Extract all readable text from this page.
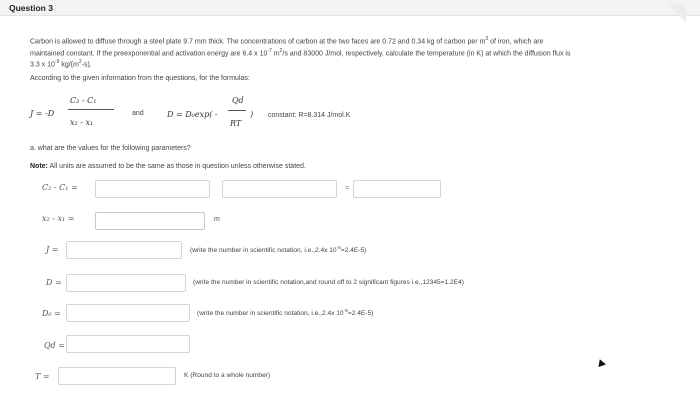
Question 3
Carbon is allowed to diffuse through a steel plate 9.7 mm thick. The concentrations of carbon at the two faces are 0.72 and 0.34 kg of carbon per $m^3$ of iron, which are
maintained constant. If the preexponential and activation energy are 6.4 x $10^{-7}$ $m^2/s$ and 83000 J/mol, respectively, calculate the temperature (in K) at which the diffusion flux is
3.3 x $10^{-9}$ $kg/(m^2-s)$.
According to the given information from the questions, for the formulas:
J = -D
C₂ - C₁
x₂ - x₁
and	D = D₀exp( -
Qd
RT
) constant: R=8.314 J/mol.K
a. what are the values for the following parameters?
Note: All units are assumed to be the same as those in question unless otherwise stated.
C₂ - C₁ =	=
x₂ - x₁ =	m
J =	(write the number in scientific notation, i.e.,2.4x $10^{-5}=2.4E-5$)
D =	(write the number in scientific notation,and round off to 2 significant figures i.e.,12345=1.2E4)
D₀ =	(write the number in scientific notation, i.e.,2.4x $10^{-5}=2.4E-5$)
Qd =
T =	K (Round to a whole number)
